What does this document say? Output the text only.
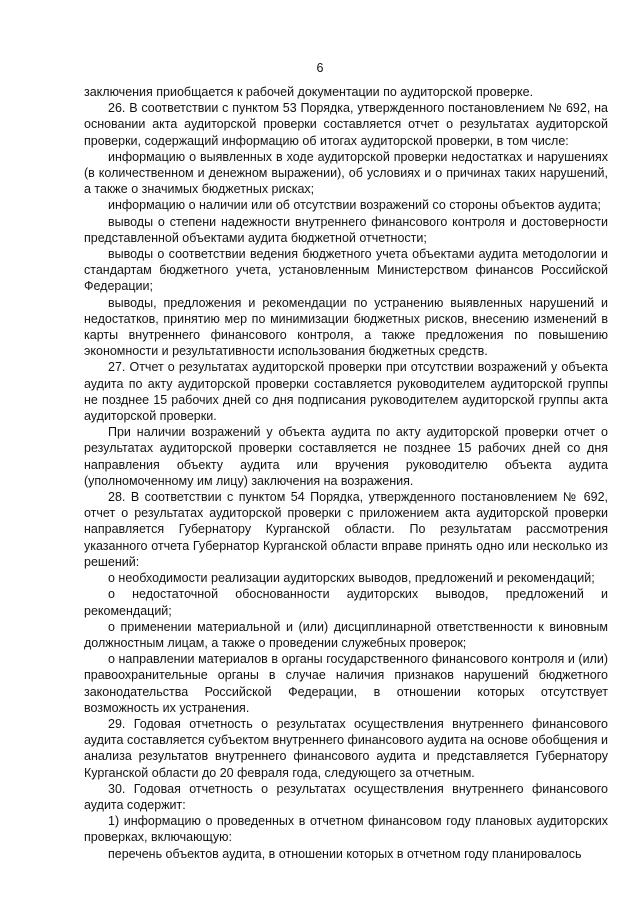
6

заключения приобщается к рабочей документации по аудиторской проверке.

26. В соответствии с пунктом 53 Порядка, утвержденного постановлением № 692, на основании акта аудиторской проверки составляется отчет о результатах аудиторской проверки, содержащий информацию об итогах аудиторской проверки, в том числе:

информацию о выявленных в ходе аудиторской проверки недостатках и нарушениях (в количественном и денежном выражении), об условиях и о причинах таких нарушений, а также о значимых бюджетных рисках;

информацию о наличии или об отсутствии возражений со стороны объектов аудита;

выводы о степени надежности внутреннего финансового контроля и достоверности представленной объектами аудита бюджетной отчетности;

выводы о соответствии ведения бюджетного учета объектами аудита методологии и стандартам бюджетного учета, установленным Министерством финансов Российской Федерации;

выводы, предложения и рекомендации по устранению выявленных нарушений и недостатков, принятию мер по минимизации бюджетных рисков, внесению изменений в карты внутреннего финансового контроля, а также предложения по повышению экономности и результативности использования бюджетных средств.

27. Отчет о результатах аудиторской проверки при отсутствии возражений у объекта аудита по акту аудиторской проверки составляется руководителем аудиторской группы не позднее 15 рабочих дней со дня подписания руководителем аудиторской группы акта аудиторской проверки.

При наличии возражений у объекта аудита по акту аудиторской проверки отчет о результатах аудиторской проверки составляется не позднее 15 рабочих дней со дня направления объекту аудита или вручения руководителю объекта аудита (уполномоченному им лицу) заключения на возражения.

28. В соответствии с пунктом 54 Порядка, утвержденного постановлением № 692, отчет о результатах аудиторской проверки с приложением акта аудиторской проверки направляется Губернатору Курганской области. По результатам рассмотрения указанного отчета Губернатор Курганской области вправе принять одно или несколько из решений:

о необходимости реализации аудиторских выводов, предложений и рекомендаций;

о недостаточной обоснованности аудиторских выводов, предложений и рекомендаций;

о применении материальной и (или) дисциплинарной ответственности к виновным должностным лицам, а также о проведении служебных проверок;

о направлении материалов в органы государственного финансового контроля и (или) правоохранительные органы в случае наличия признаков нарушений бюджетного законодательства Российской Федерации, в отношении которых отсутствует возможность их устранения.

29. Годовая отчетность о результатах осуществления внутреннего финансового аудита составляется субъектом внутреннего финансового аудита на основе обобщения и анализа результатов внутреннего финансового аудита и представляется Губернатору Курганской области до 20 февраля года, следующего за отчетным.

30. Годовая отчетность о результатах осуществления внутреннего финансового аудита содержит:

1) информацию о проведенных в отчетном финансовом году плановых аудиторских проверках, включающую:

перечень объектов аудита, в отношении которых в отчетном году планировалось
